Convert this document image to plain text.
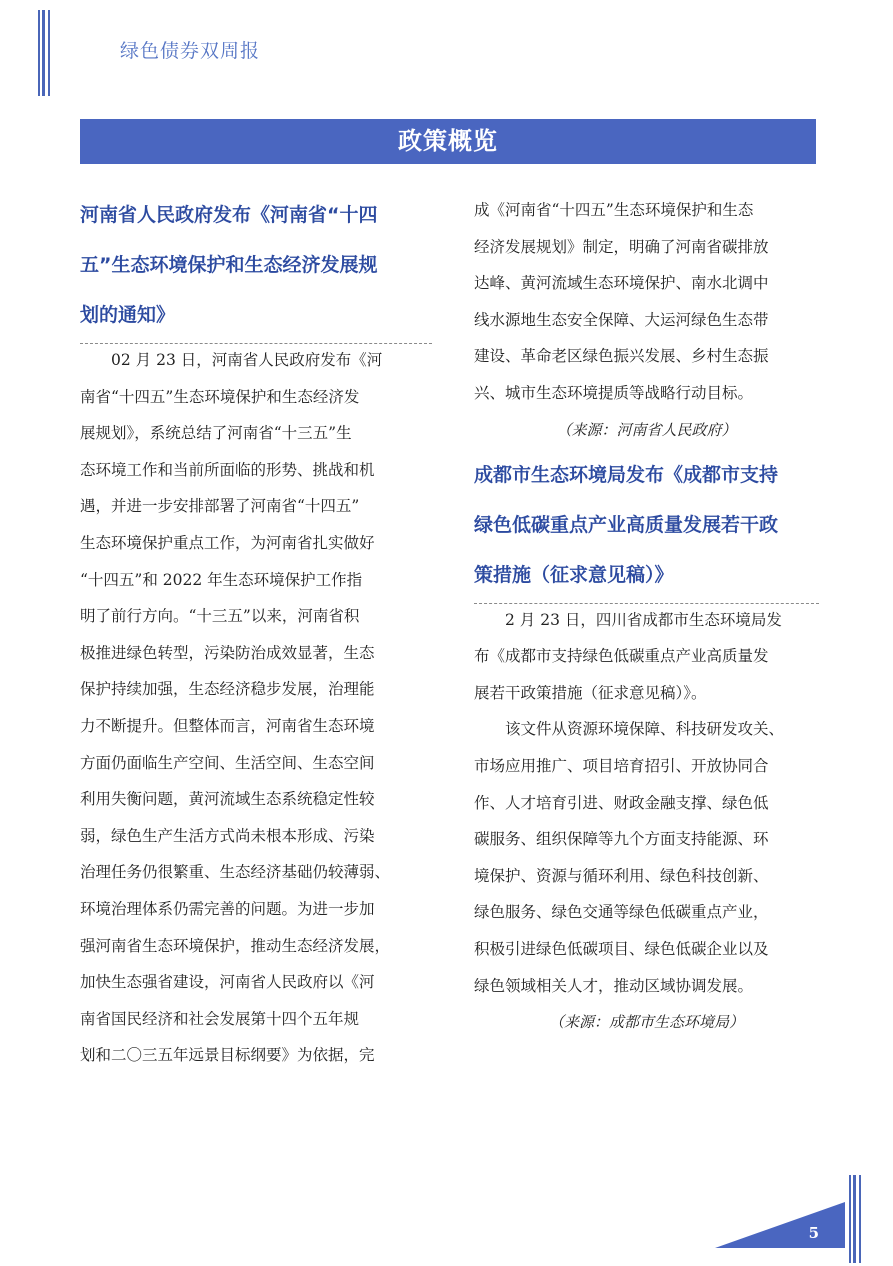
绿色债券双周报
政策概览
河南省人民政府发布《河南省“十四
五”生态环境保护和生态经济发展规
划的通知》
02 月 23 日，河南省人民政府发布《河
南省“十四五”生态环境保护和生态经济发
展规划》，系统总结了河南省“十三五”生
态环境工作和当前所面临的形势、挑战和机
遇，并进一步安排部署了河南省“十四五”
生态环境保护重点工作，为河南省扎实做好
“十四五”和 2022 年生态环境保护工作指
明了前行方向。“十三五”以来，河南省积
极推进绿色转型，污染防治成效显著，生态
保护持续加强，生态经济稳步发展，治理能
力不断提升。但整体而言，河南省生态环境
方面仍面临生产空间、生活空间、生态空间
利用失衡问题，黄河流域生态系统稳定性较
弱，绿色生产生活方式尚未根本形成、污染
治理任务仍很繁重、生态经济基础仍较薄弱、
环境治理体系仍需完善的问题。为进一步加
强河南省生态环境保护，推动生态经济发展，
加快生态强省建设，河南省人民政府以《河
南省国民经济和社会发展第十四个五年规
划和二〇三五年远景目标纲要》为依据，完
成《河南省“十四五”生态环境保护和生态
经济发展规划》制定，明确了河南省碳排放
达峰、黄河流域生态环境保护、南水北调中
线水源地生态安全保障、大运河绿色生态带
建设、革命老区绿色振兴发展、乡村生态振
兴、城市生态环境提质等战略行动目标。
（来源：河南省人民政府）
成都市生态环境局发布《成都市支持
绿色低碳重点产业高质量发展若干政
策措施（征求意见稿）》
2 月 23 日，四川省成都市生态环境局发
布《成都市支持绿色低碳重点产业高质量发
展若干政策措施（征求意见稿）》。
该文件从资源环境保障、科技研发攻关、
市场应用推广、项目培育招引、开放协同合
作、人才培育引进、财政金融支撑、绿色低
碳服务、组织保障等九个方面支持能源、环
境保护、资源与循环利用、绿色科技创新、
绿色服务、绿色交通等绿色低碳重点产业，
积极引进绿色低碳项目、绿色低碳企业以及
绿色领域相关人才，推动区域协调发展。
（来源：成都市生态环境局）
5
